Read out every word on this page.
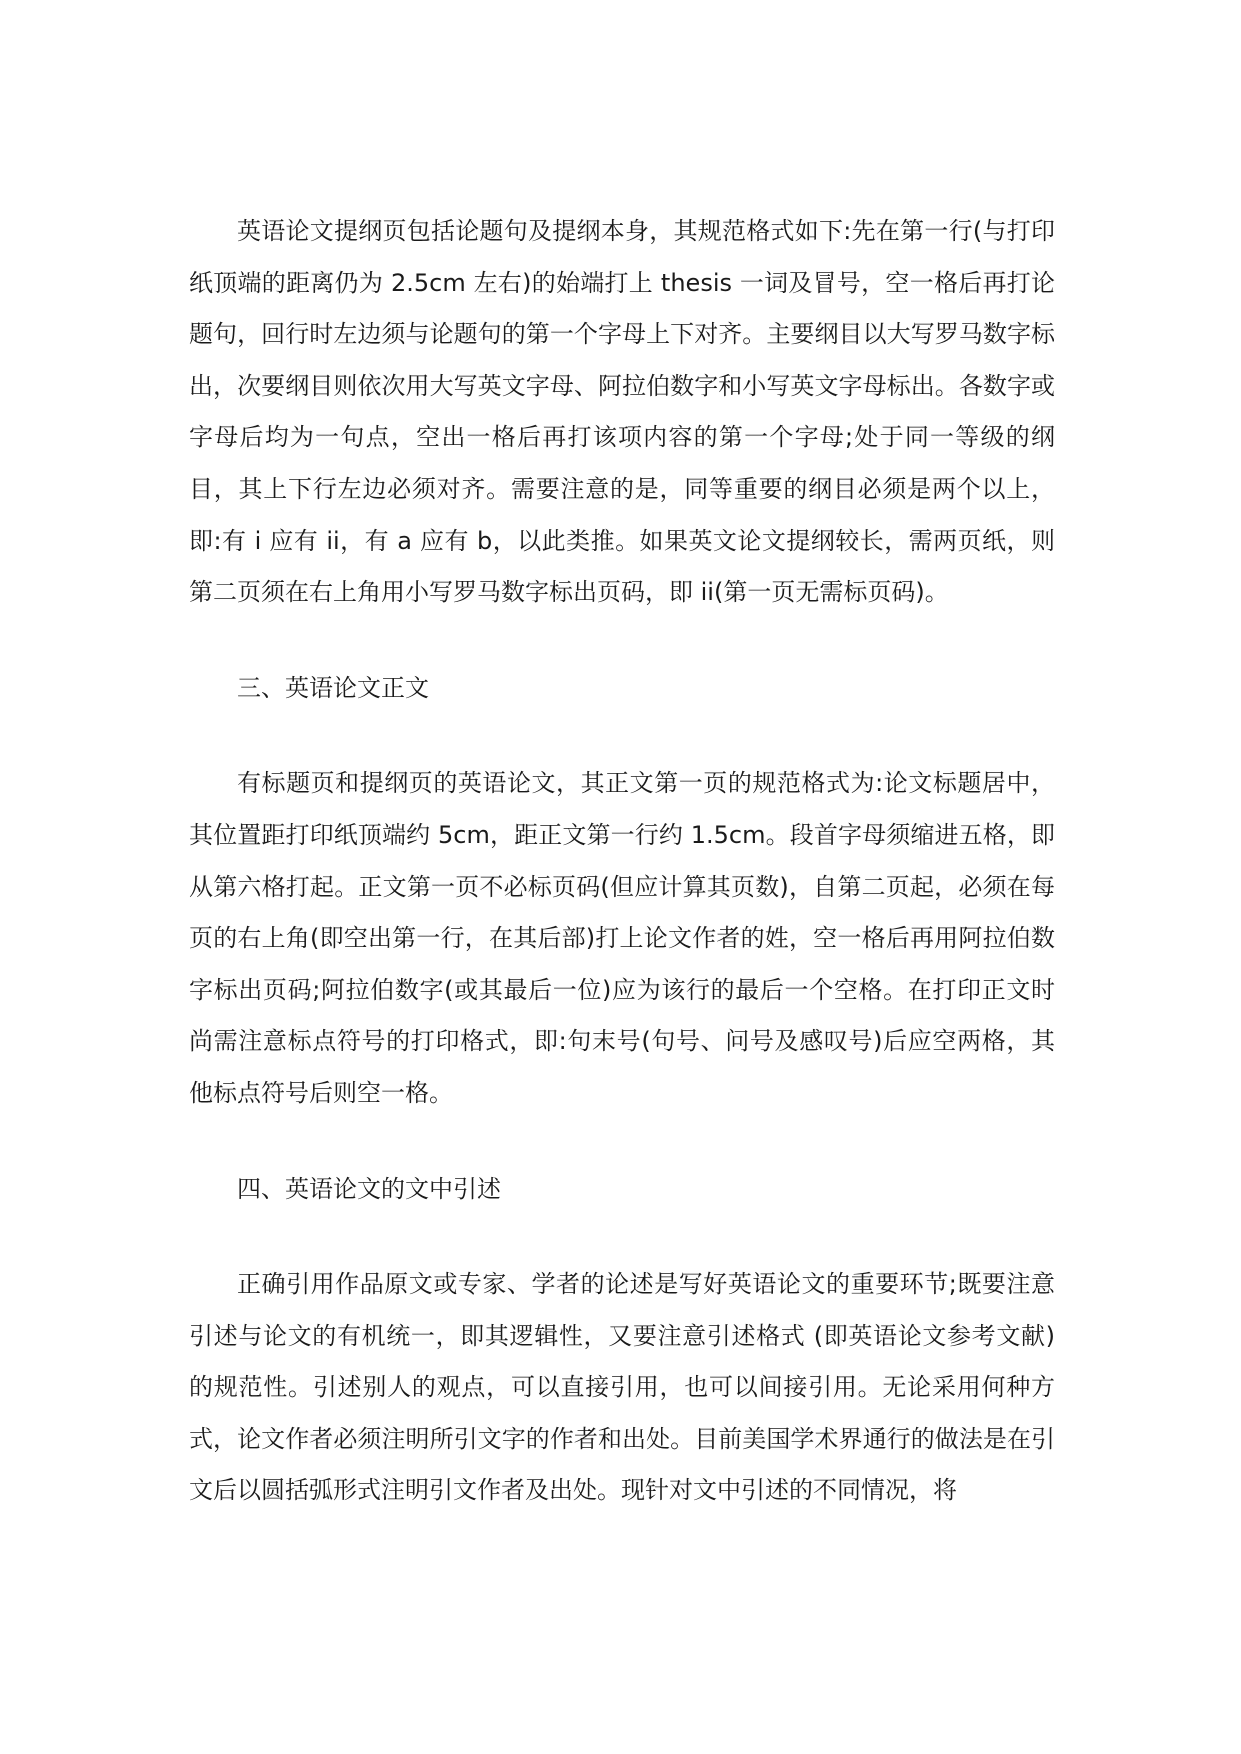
英语论文提纲页包括论题句及提纲本身，其规范格式如下:先在第一行(与打印纸顶端的距离仍为 2.5cm 左右)的始端打上 thesis 一词及冒号，空一格后再打论题句，回行时左边须与论题句的第一个字母上下对齐。主要纲目以大写罗马数字标出，次要纲目则依次用大写英文字母、阿拉伯数字和小写英文字母标出。各数字或字母后均为一句点，空出一格后再打该项内容的第一个字母;处于同一等级的纲目，其上下行左边必须对齐。需要注意的是，同等重要的纲目必须是两个以上，即:有 i 应有 ii，有 a 应有 b，以此类推。如果英文论文提纲较长，需两页纸，则第二页须在右上角用小写罗马数字标出页码，即 ii(第一页无需标页码)。

三、英语论文正文

有标题页和提纲页的英语论文，其正文第一页的规范格式为:论文标题居中，其位置距打印纸顶端约 5cm，距正文第一行约 1.5cm。段首字母须缩进五格，即从第六格打起。正文第一页不必标页码(但应计算其页数)，自第二页起，必须在每页的右上角(即空出第一行，在其后部)打上论文作者的姓，空一格后再用阿拉伯数字标出页码;阿拉伯数字(或其最后一位)应为该行的最后一个空格。在打印正文时尚需注意标点符号的打印格式，即:句末号(句号、问号及感叹号)后应空两格，其他标点符号后则空一格。

四、英语论文的文中引述

正确引用作品原文或专家、学者的论述是写好英语论文的重要环节;既要注意引述与论文的有机统一，即其逻辑性，又要注意引述格式 (即英语论文参考文献)的规范性。引述别人的观点，可以直接引用，也可以间接引用。无论采用何种方式，论文作者必须注明所引文字的作者和出处。目前美国学术界通行的做法是在引文后以圆括弧形式注明引文作者及出处。现针对文中引述的不同情况，将
